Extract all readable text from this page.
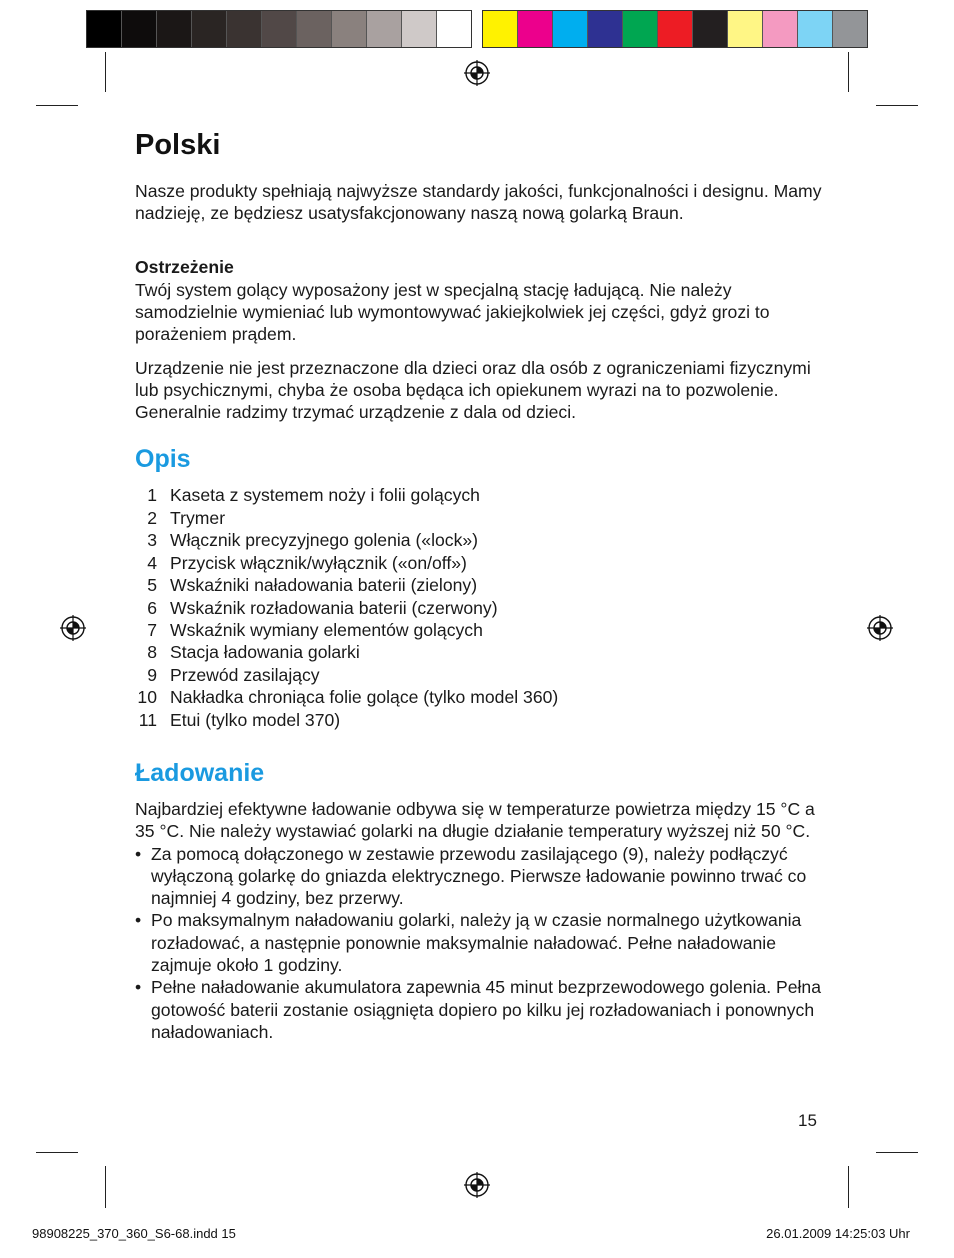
Polski

Nasze produkty spełniają najwyższe standardy jakości, funkcjonalności i designu. Mamy nadzieję, ze będziesz usatysfakcjonowany naszą nową golarką Braun.

Ostrzeżenie

Twój system golący wyposażony jest w specjalną stację ładującą. Nie należy samodzielnie wymieniać lub wymontowywać jakiejkolwiek jej części, gdyż grozi to porażeniem prądem.

Urządzenie nie jest przeznaczone dla dzieci oraz dla osób z ograniczeniami fizycznymi lub psychicznymi, chyba że osoba będąca ich opiekunem wyrazi na to pozwolenie. Generalnie radzimy trzymać urządzenie z dala od dzieci.

Opis
1 Kaseta z systemem noży i folii golących
2 Trymer
3 Włącznik precyzyjnego golenia («lock»)
4 Przycisk włącznik/wyłącznik («on/off»)
5 Wskaźniki naładowania baterii (zielony)
6 Wskaźnik rozładowania baterii (czerwony)
7 Wskaźnik wymiany elementów golących
8 Stacja ładowania golarki
9 Przewód zasilający
10 Nakładka chroniąca folie golące (tylko model 360)
11 Etui (tylko model 370)
Ładowanie

Najbardziej efektywne ładowanie odbywa się w temperaturze powietrza między 15 °C a 35 °C. Nie należy wystawiać golarki na długie działanie temperatury wyższej niż 50 °C.

• Za pomocą dołączonego w zestawie przewodu zasilającego (9), należy podłączyć wyłączoną golarkę do gniazda elektrycznego. Pierwsze ładowanie powinno trwać co najmniej 4 godziny, bez przerwy.
• Po maksymalnym naładowaniu golarki, należy ją w czasie normalnego użytkowania rozładować, a następnie ponownie maksymalnie naładować. Pełne naładowanie zajmuje około 1 godziny.
• Pełne naładowanie akumulatora zapewnia 45 minut bezprzewodowego golenia. Pełna gotowość baterii zostanie osiągnięta dopiero po kilku jej rozładowaniach i ponownych naładowaniach.
15
98908225_370_360_S6-68.indd 15	26.01.2009 14:25:03 Uhr
